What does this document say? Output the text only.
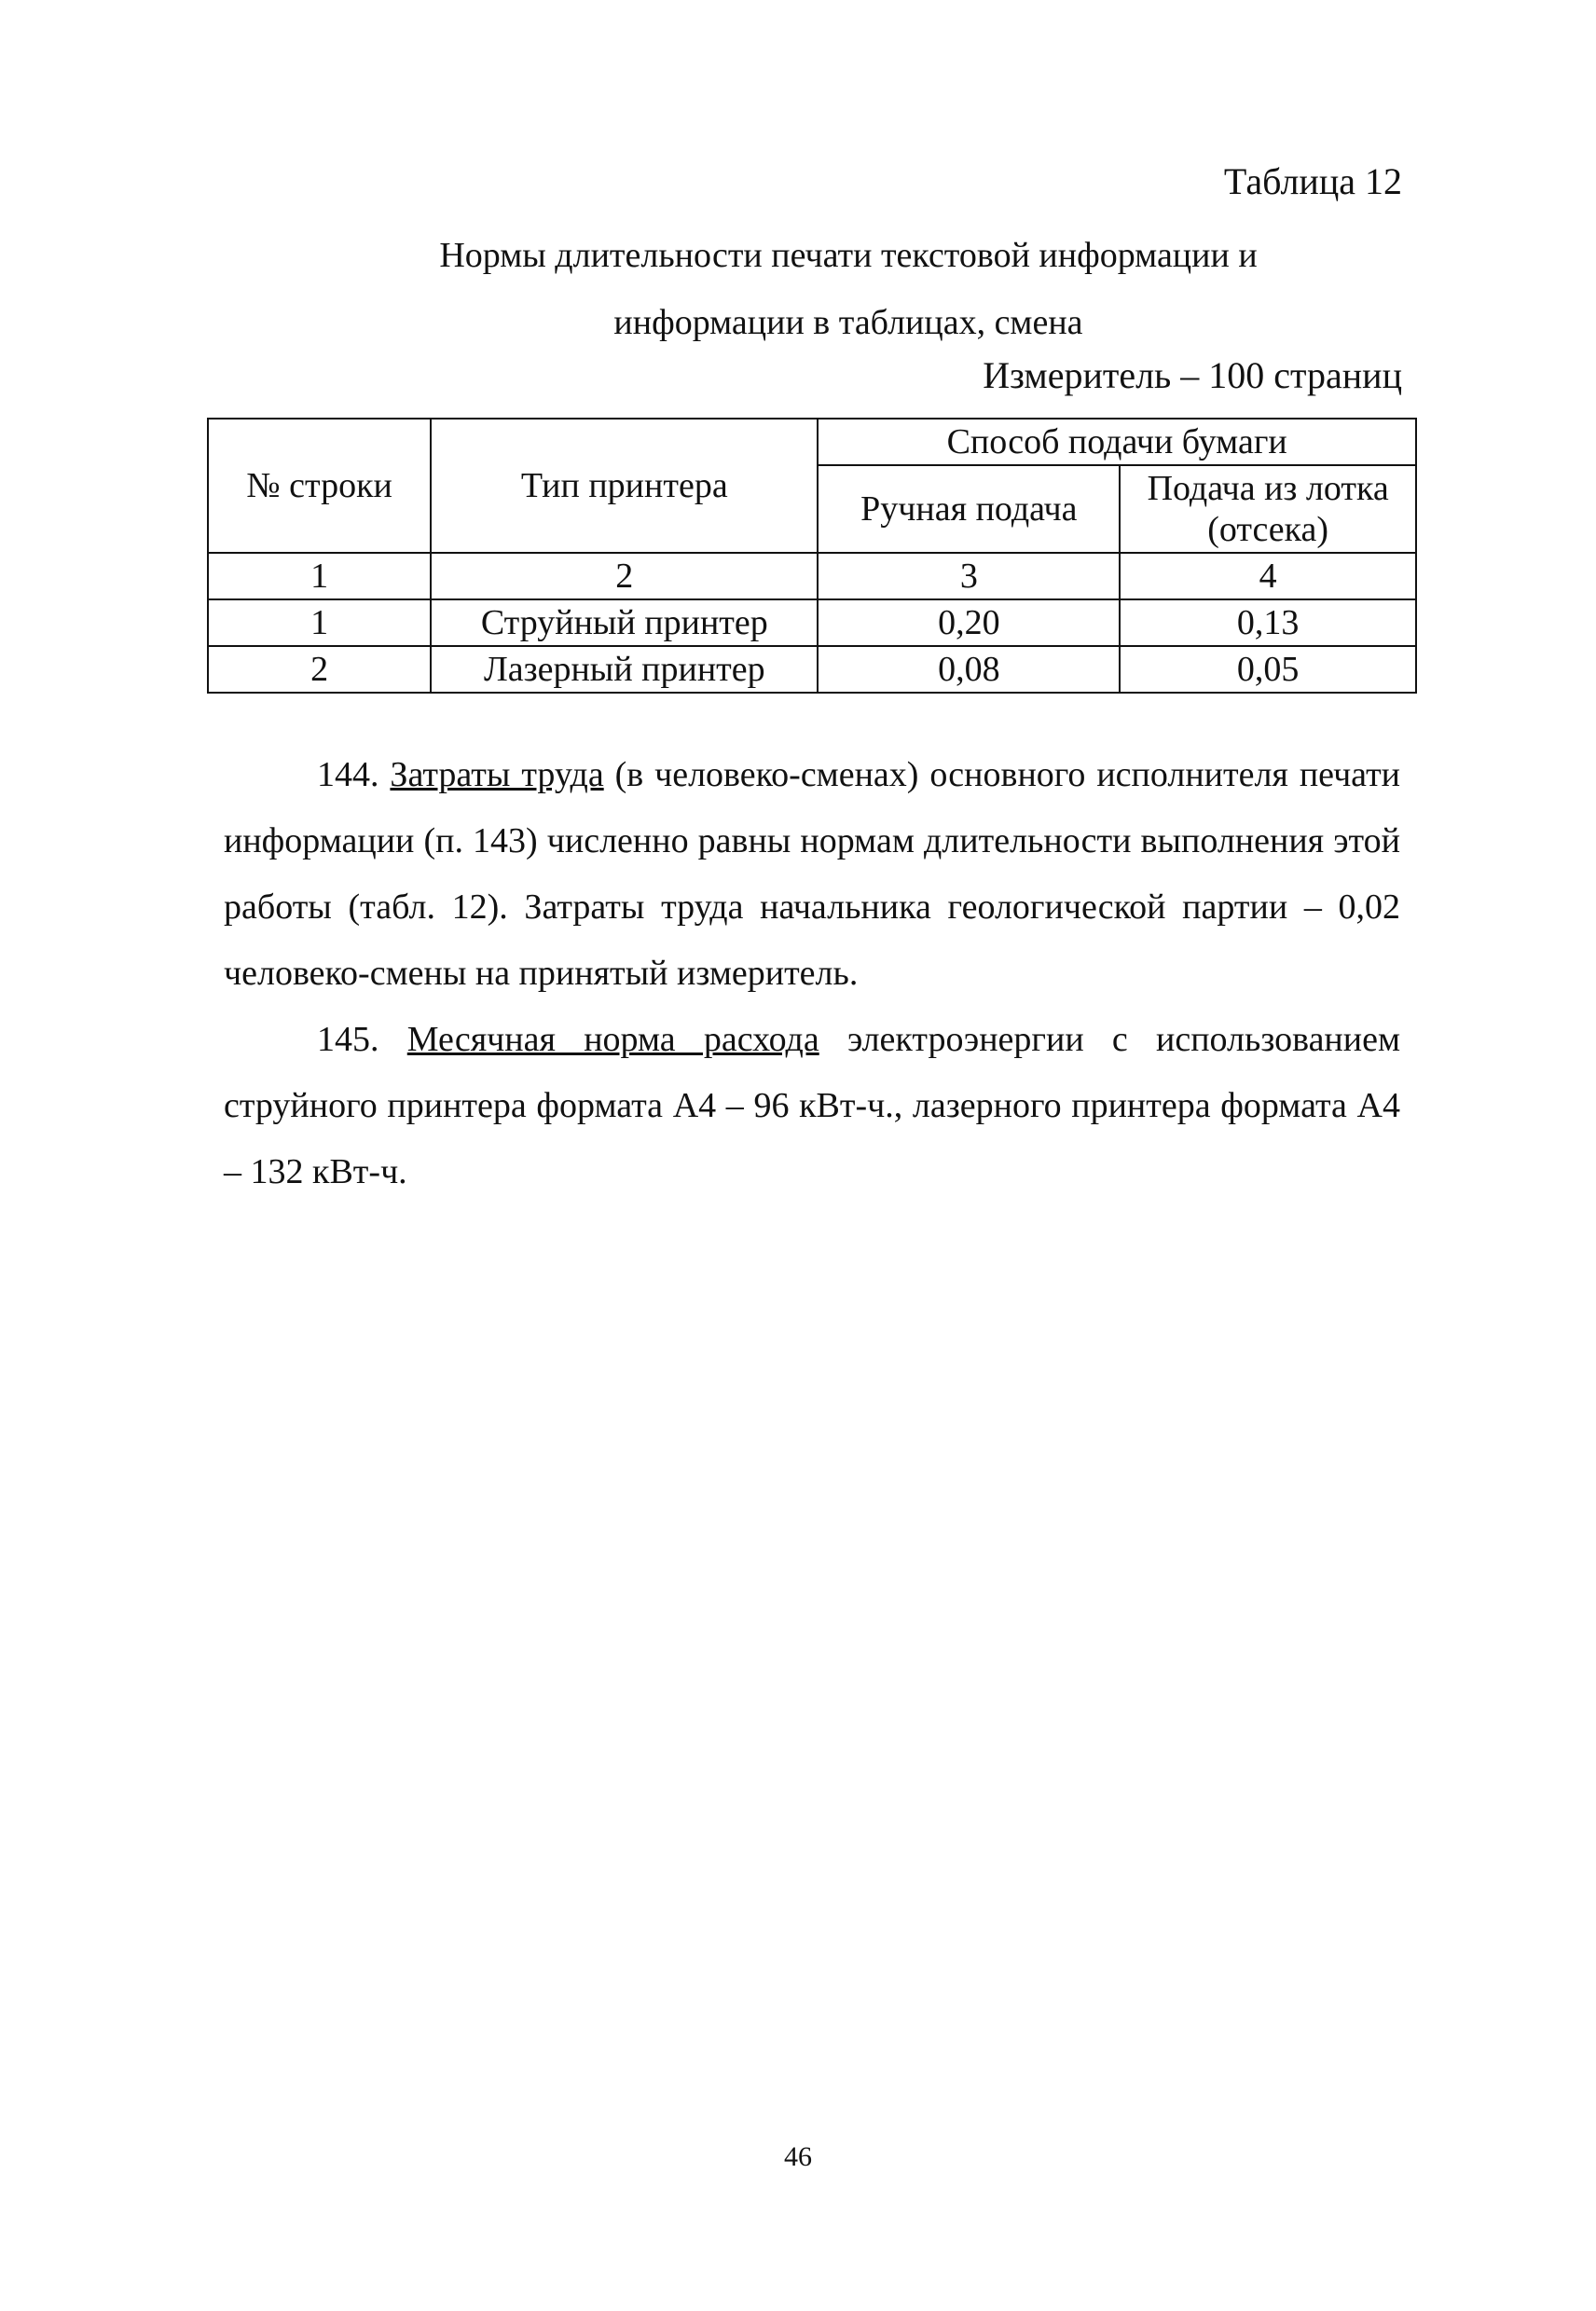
Таблица 12
Нормы длительности печати текстовой информации и
информации в таблицах, смена
Измеритель – 100 страниц
№ строки	Тип принтера	Способ подачи бумаги	
		Ручная подача	Подача из лотка (отсека)
1	2	3	4
1	Струйный принтер	0,20	0,13
2	Лазерный принтер	0,08	0,05
144. Затраты труда (в человеко-сменах) основного исполнителя печати информации (п. 143) численно равны нормам длительности выполнения этой работы (табл. 12). Затраты труда начальника геологической партии – 0,02 человеко-смены на принятый измеритель.
145. Месячная норма расхода электроэнергии с использованием струйного принтера формата А4 – 96 кВт-ч., лазерного принтера формата А4 – 132 кВт-ч.
46
